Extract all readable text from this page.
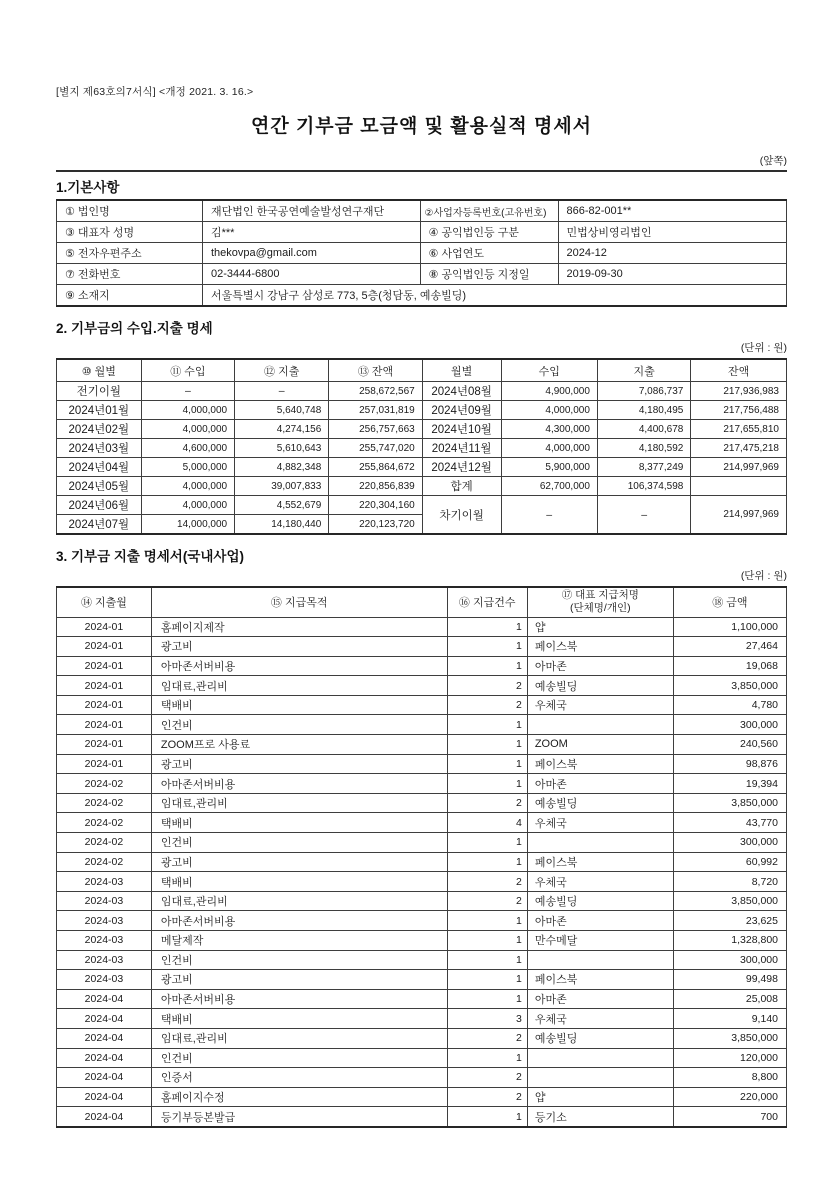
[별지 제63호의7서식] <개정 2021. 3. 16.>
연간 기부금 모금액 및 활용실적 명세서
(앞쪽)
1.기본사항
① 법인명	재단법인 한국공연예술발성연구재단	②사업자등록번호(고유번호)	866-82-001**
③ 대표자 성명	김***	④ 공익법인등 구분	민법상비영리법인
⑤ 전자우편주소	thekovpa@gmail.com	⑥ 사업연도	2024-12
⑦ 전화번호	02-3444-6800	⑧ 공익법인등 지정일	2019-09-30
⑨ 소재지	서울특별시 강남구 삼성로 773, 5층(청담동, 예송빌딩)		
2. 기부금의 수입.지출 명세
(단위 : 원)
⑩ 월별	⑪ 수입	⑫ 지출	⑬ 잔액	월별	수입	지출	잔액
전기이월	–	–	258,672,567	2024년08월	4,900,000	7,086,737	217,936,983
2024년01월	4,000,000	5,640,748	257,031,819	2024년09월	4,000,000	4,180,495	217,756,488
2024년02월	4,000,000	4,274,156	256,757,663	2024년10월	4,300,000	4,400,678	217,655,810
2024년03월	4,600,000	5,610,643	255,747,020	2024년11월	4,000,000	4,180,592	217,475,218
2024년04월	5,000,000	4,882,348	255,864,672	2024년12월	5,900,000	8,377,249	214,997,969
2024년05월	4,000,000	39,007,833	220,856,839	합계	62,700,000	106,374,598	
2024년06월	4,000,000	4,552,679	220,304,160	차기이월	–	–	214,997,969
2024년07월	14,000,000	14,180,440	220,123,720				
3. 기부금 지출 명세서(국내사업)
(단위 : 원)
⑭ 지출월	⑮ 지급목적	⑯ 지급건수	⑰ 대표 지급처명
(단체명/개인)	⑱ 금액
2024-01	홈페이지제작	1	얍	1,100,000
2024-01	광고비	1	페이스북	27,464
2024-01	아마존서버비용	1	아마존	19,068
2024-01	임대료,관리비	2	예송빌딩	3,850,000
2024-01	택배비	2	우체국	4,780
2024-01	인건비	1		300,000
2024-01	ZOOM프로 사용료	1	ZOOM	240,560
2024-01	광고비	1	페이스북	98,876
2024-02	아마존서버비용	1	아마존	19,394
2024-02	임대료,관리비	2	예송빌딩	3,850,000
2024-02	택배비	4	우체국	43,770
2024-02	인건비	1		300,000
2024-02	광고비	1	페이스북	60,992
2024-03	택배비	2	우체국	8,720
2024-03	임대료,관리비	2	예송빌딩	3,850,000
2024-03	아마존서버비용	1	아마존	23,625
2024-03	메달제작	1	만수메달	1,328,800
2024-03	인건비	1		300,000
2024-03	광고비	1	페이스북	99,498
2024-04	아마존서버비용	1	아마존	25,008
2024-04	택배비	3	우체국	9,140
2024-04	임대료,관리비	2	예송빌딩	3,850,000
2024-04	인건비	1		120,000
2024-04	인증서	2		8,800
2024-04	홈페이지수정	2	얍	220,000
2024-04	등기부등본발급	1	등기소	700
